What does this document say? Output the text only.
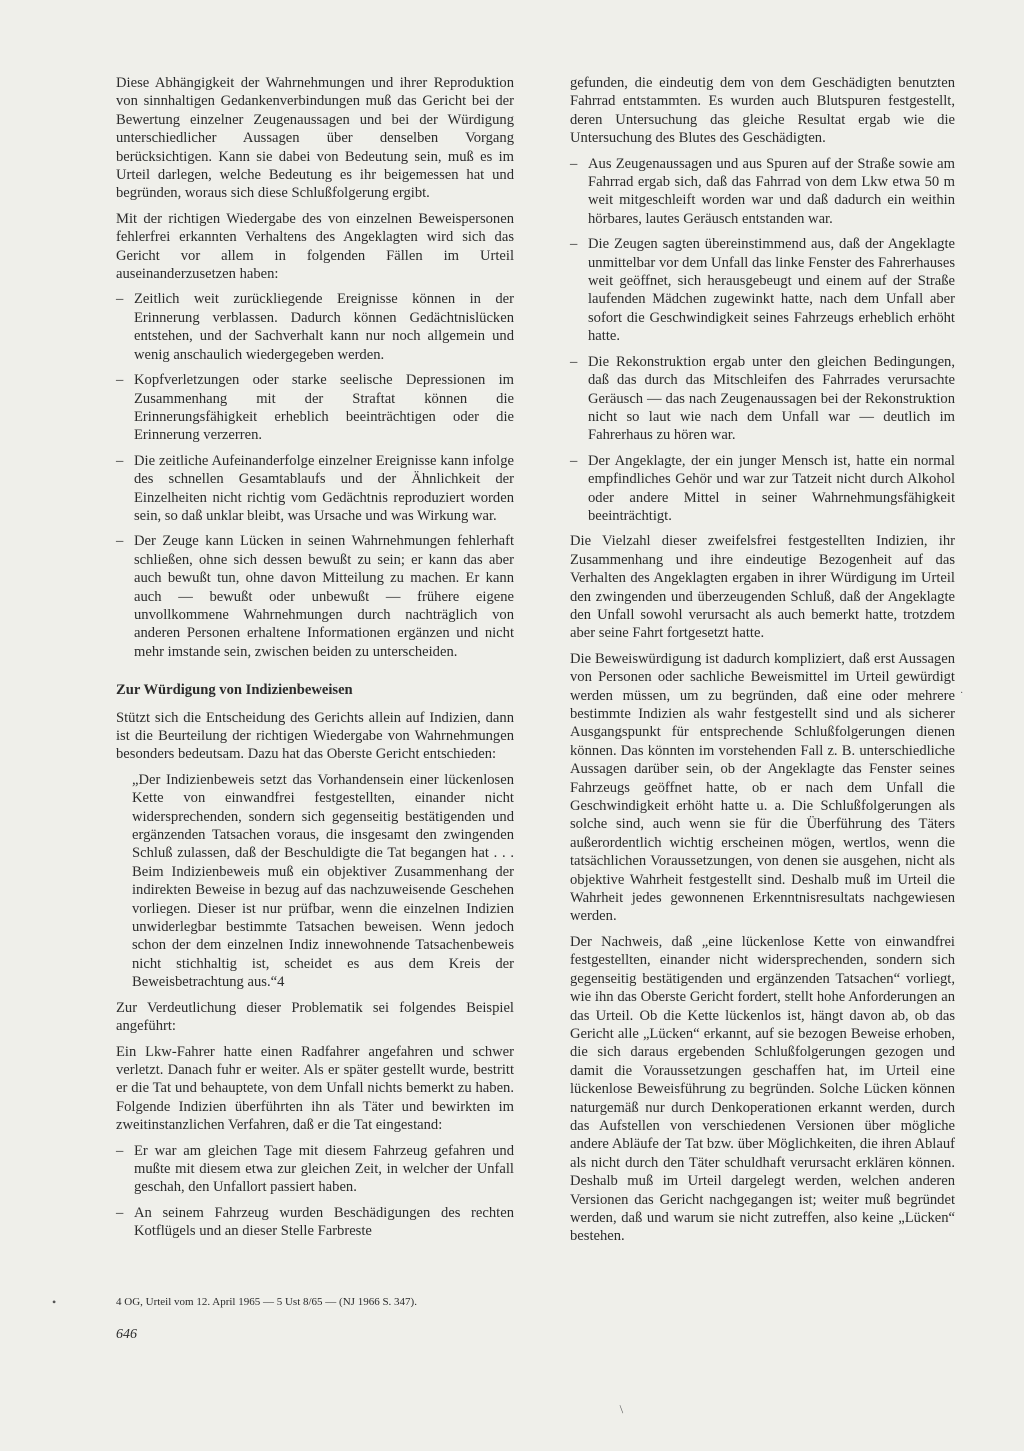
Diese Abhängigkeit der Wahrnehmungen und ihrer Reproduktion von sinnhaltigen Gedankenverbindungen muß das Gericht bei der Bewertung einzelner Zeugenaussagen und bei der Würdigung unterschiedlicher Aussagen über denselben Vorgang berücksichtigen. Kann sie dabei von Bedeutung sein, muß es im Urteil darlegen, welche Bedeutung es ihr beigemessen hat und begründen, woraus sich diese Schlußfolgerung ergibt.

Mit der richtigen Wiedergabe des von einzelnen Beweispersonen fehlerfrei erkannten Verhaltens des Angeklagten wird sich das Gericht vor allem in folgenden Fällen im Urteil auseinanderzusetzen haben:

– Zeitlich weit zurückliegende Ereignisse können in der Erinnerung verblassen. Dadurch können Gedächtnislücken entstehen, und der Sachverhalt kann nur noch allgemein und wenig anschaulich wiedergegeben werden.
– Kopfverletzungen oder starke seelische Depressionen im Zusammenhang mit der Straftat können die Erinnerungsfähigkeit erheblich beeinträchtigen oder die Erinnerung verzerren.
– Die zeitliche Aufeinanderfolge einzelner Ereignisse kann infolge des schnellen Gesamtablaufs und der Ähnlichkeit der Einzelheiten nicht richtig vom Gedächtnis reproduziert worden sein, so daß unklar bleibt, was Ursache und was Wirkung war.
– Der Zeuge kann Lücken in seinen Wahrnehmungen fehlerhaft schließen, ohne sich dessen bewußt zu sein; er kann das aber auch bewußt tun, ohne davon Mitteilung zu machen. Er kann auch — bewußt oder unbewußt — frühere eigene unvollkommene Wahrnehmungen durch nachträglich von anderen Personen erhaltene Informationen ergänzen und nicht mehr imstande sein, zwischen beiden zu unterscheiden.
Zur Würdigung von Indizienbeweisen

Stützt sich die Entscheidung des Gerichts allein auf Indizien, dann ist die Beurteilung der richtigen Wiedergabe von Wahrnehmungen besonders bedeutsam. Dazu hat das Oberste Gericht entschieden:

„Der Indizienbeweis setzt das Vorhandensein einer lückenlosen Kette von einwandfrei festgestellten, einander nicht widersprechenden, sondern sich gegenseitig bestätigenden und ergänzenden Tatsachen voraus, die insgesamt den zwingenden Schluß zulassen, daß der Beschuldigte die Tat begangen hat . . . Beim Indizienbeweis muß ein objektiver Zusammenhang der indirekten Beweise in bezug auf das nachzuweisende Geschehen vorliegen. Dieser ist nur prüfbar, wenn die einzelnen Indizien unwiderlegbar bestimmte Tatsachen beweisen. Wenn jedoch schon der dem einzelnen Indiz innewohnende Tatsachenbeweis nicht stichhaltig ist, scheidet es aus dem Kreis der Beweisbetrachtung aus.“4

Zur Verdeutlichung dieser Problematik sei folgendes Beispiel angeführt:

Ein Lkw-Fahrer hatte einen Radfahrer angefahren und schwer verletzt. Danach fuhr er weiter. Als er später gestellt wurde, bestritt er die Tat und behauptete, von dem Unfall nichts bemerkt zu haben. Folgende Indizien überführten ihn als Täter und bewirkten im zweitinstanzlichen Verfahren, daß er die Tat eingestand:

– Er war am gleichen Tage mit diesem Fahrzeug gefahren und mußte mit diesem etwa zur gleichen Zeit, in welcher der Unfall geschah, den Unfallort passiert haben.
– An seinem Fahrzeug wurden Beschädigungen des rechten Kotflügels und an dieser Stelle Farbreste
4 OG, Urteil vom 12. April 1965 — 5 Ust 8/65 — (NJ 1966 S. 347).
646

gefunden, die eindeutig dem von dem Geschädigten benutzten Fahrrad entstammten. Es wurden auch Blutspuren festgestellt, deren Untersuchung das gleiche Resultat ergab wie die Untersuchung des Blutes des Geschädigten.

– Aus Zeugenaussagen und aus Spuren auf der Straße sowie am Fahrrad ergab sich, daß das Fahrrad von dem Lkw etwa 50 m weit mitgeschleift worden war und daß dadurch ein weithin hörbares, lautes Geräusch entstanden war.
– Die Zeugen sagten übereinstimmend aus, daß der Angeklagte unmittelbar vor dem Unfall das linke Fenster des Fahrerhauses weit geöffnet, sich herausgebeugt und einem auf der Straße laufenden Mädchen zugewinkt hatte, nach dem Unfall aber sofort die Geschwindigkeit seines Fahrzeugs erheblich erhöht hatte.
– Die Rekonstruktion ergab unter den gleichen Bedingungen, daß das durch das Mitschleifen des Fahrrades verursachte Geräusch — das nach Zeugenaussagen bei der Rekonstruktion nicht so laut wie nach dem Unfall war — deutlich im Fahrerhaus zu hören war.
– Der Angeklagte, der ein junger Mensch ist, hatte ein normal empfindliches Gehör und war zur Tatzeit nicht durch Alkohol oder andere Mittel in seiner Wahrnehmungsfähigkeit beeinträchtigt.

Die Vielzahl dieser zweifelsfrei festgestellten Indizien, ihr Zusammenhang und ihre eindeutige Bezogenheit auf das Verhalten des Angeklagten ergaben in ihrer Würdigung im Urteil den zwingenden und überzeugenden Schluß, daß der Angeklagte den Unfall sowohl verursacht als auch bemerkt hatte, trotzdem aber seine Fahrt fortgesetzt hatte.

Die Beweiswürdigung ist dadurch kompliziert, daß erst Aussagen von Personen oder sachliche Beweismittel im Urteil gewürdigt werden müssen, um zu begründen, daß eine oder mehrere bestimmte Indizien als wahr festgestellt sind und als sicherer Ausgangspunkt für entsprechende Schlußfolgerungen dienen können. Das könnten im vorstehenden Fall z. B. unterschiedliche Aussagen darüber sein, ob der Angeklagte das Fenster seines Fahrzeugs geöffnet hatte, ob er nach dem Unfall die Geschwindigkeit erhöht hatte u. a. Die Schlußfolgerungen als solche sind, auch wenn sie für die Überführung des Täters außerordentlich wichtig erscheinen mögen, wertlos, wenn die tatsächlichen Voraussetzungen, von denen sie ausgehen, nicht als objektive Wahrheit festgestellt sind. Deshalb muß im Urteil die Wahrheit jedes gewonnenen Erkenntnisresultats nachgewiesen werden.

Der Nachweis, daß „eine lückenlose Kette von einwandfrei festgestellten, einander nicht widersprechenden, sondern sich gegenseitig bestätigenden und ergänzenden Tatsachen“ vorliegt, wie ihn das Oberste Gericht fordert, stellt hohe Anforderungen an das Urteil. Ob die Kette lückenlos ist, hängt davon ab, ob das Gericht alle „Lücken“ erkannt, auf sie bezogen Beweise erhoben, die sich daraus ergebenden Schlußfolgerungen gezogen und damit die Voraussetzungen geschaffen hat, im Urteil eine lückenlose Beweisführung zu begründen. Solche Lücken können naturgemäß nur durch Denkoperationen erkannt werden, durch das Aufstellen von verschiedenen Versionen über mögliche andere Abläufe der Tat bzw. über Möglichkeiten, die ihren Ablauf als nicht durch den Täter schuldhaft verursacht erklären können. Deshalb muß im Urteil dargelegt werden, welchen anderen Versionen das Gericht nachgegangen ist; weiter muß begründet werden, daß und warum sie nicht zutreffen, also keine „Lücken“ bestehen.

•
·
/
